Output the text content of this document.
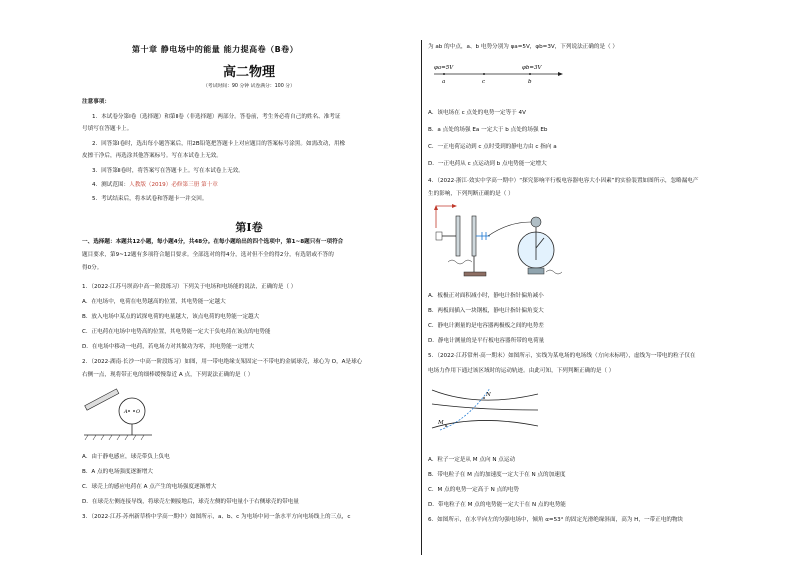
第十章 静电场中的能量 能力提高卷（B卷）
高二物理
（考试时间：90 分钟 试卷满分：100 分）
注意事项：
1．本试卷分第Ⅰ卷（选择题）和第Ⅱ卷（非选择题）两部分。答卷前，考生务必将自己的姓名、准考证
号填写在答题卡上。
2．回答第Ⅰ卷时，选出每小题答案后，用2B铅笔把答题卡上对应题目的答案标号涂黑。如需改动，用橡
皮擦干净后，再选涂其他答案标号。写在本试卷上无效。
3．回答第Ⅱ卷时，将答案写在答题卡上。写在本试卷上无效。
4．测试范围：人教版（2019）必修第三册 第十章
5．考试结束后，将本试卷和答题卡一并交回。
第Ⅰ卷
一、选择题：本题共12小题，每小题4分，共48分。在每小题给出的四个选项中，第1~8题只有一项符合
题目要求，第9~12题有多项符合题目要求。全部选对的得4分，选对但不全的得2分，有选错或不答的
得0分。
1．（2022·江苏马坝高中高一阶段练习）下列关于电场和电场能的说法，正确的是（ ）
A．在电场中，电荷在电势越高的位置，其电势能一定越大
B．放入电场中某点的试探电荷的电量越大，该点电荷的电势能一定越大
C．正电荷在电场中电势高的位置，其电势能一定大于负电荷在该点的电势能
D．在电场中移动一电荷，若电场力对其做功为零，其电势能一定增大
2．（2022·湖南·长沙一中高一阶段练习）如图，用一带电绝缘支架固定一不带电的金属球壳，球心为 O，A是球心
右侧一点，现将带正电的细棒缓慢靠近 A 点，下列说法正确的是（ ）
A O
A．由于静电感应，球壳带负上负电
B．A 点的电场强度逐渐增大
C．球壳上的感应电荷在 A 点产生的电场强度逐渐增大
D．在球壳左侧连接导线，将球壳左侧接地后，球壳左侧的带电量小于右侧球壳的带电量
3．（2022·江苏·苏州新草桥中学高一期中）如图所示，a、b、c 为电场中同一条水平方向电场线上的三点，c
为 ab 的中点，a、b 电势分别为 φa=5V，φb=3V，下列说法正确的是（ ）
φa=5V	φb=3V
a	c	b
A．该电场在 c 点处的电势一定等于 4V
B．a 点处的场强 Ea 一定大于 b 点处的场强 Eb
C．一正电荷运动到 c 点时受到的静电力由 c 指向 a
D．一正电荷从 c 点运动到 b 点电势能一定增大
4．（2022·浙江·效实中学高一期中）“探究影响平行板电容器电容大小因素”的实验装置如图所示，忽略漏电产
生的影响，下列判断正确的是（ ）
A．板极正对面积减小时，静电计指针偏角减小
B．两板间插入一块钢板，静电计指针偏角变大
C．静电计测量的是电容器两极板之间的电势差
D．静电计测量的是平行板电容器所带的电荷量
5．（2022·江苏常州·高一期末）如图所示，实线为某电场的电场线（方向未标明），虚线为一带电的粒子仅在
电场力作用下通过该区域时的运动轨迹。由此可知，下列判断正确的是（ ）
N
M
A．粒子一定是从 M 点向 N 点运动
B．带电粒子在 M 点的加速度一定大于在 N 点的加速度
C．M 点的电势一定高于 N 点的电势
D．带电粒子在 M 点的电势能一定大于在 N 点的电势能
6．如图所示，在水平向左的匀强电场中，倾角 α=53° 的固定光滑绝缘斜面，高为 H，一带正电的物块
